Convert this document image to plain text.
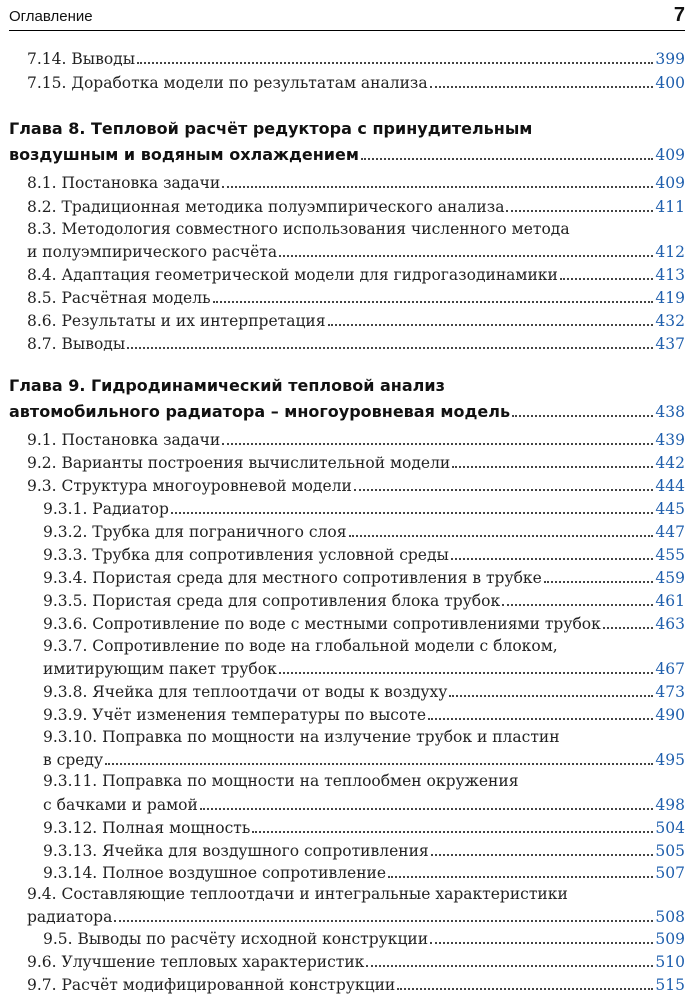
Оглавление	7
7.14. Выводы	399
7.15. Доработка модели по результатам анализа	400
Глава 8. Тепловой расчёт редуктора с принудительным
воздушным и водяным охлаждением	409
8.1. Постановка задачи	409
8.2. Традиционная методика полуэмпирического анализа	411
8.3. Методология совместного использования численного метода
и полуэмпирического расчёта	412
8.4. Адаптация геометрической модели для гидрогазодинамики	413
8.5. Расчётная модель	419
8.6. Результаты и их интерпретация	432
8.7. Выводы	437
Глава 9. Гидродинамический тепловой анализ
автомобильного радиатора – многоуровневая модель	438
9.1. Постановка задачи	439
9.2. Варианты построения вычислительной модели	442
9.3. Структура многоуровневой модели	444
9.3.1. Радиатор	445
9.3.2. Трубка для пограничного слоя	447
9.3.3. Трубка для сопротивления условной среды	455
9.3.4. Пористая среда для местного сопротивления в трубке	459
9.3.5. Пористая среда для сопротивления блока трубок	461
9.3.6. Сопротивление по воде с местными сопротивлениями трубок	463
9.3.7. Сопротивление по воде на глобальной модели с блоком,
имитирующим пакет трубок	467
9.3.8. Ячейка для теплоотдачи от воды к воздуху	473
9.3.9. Учёт изменения температуры по высоте	490
9.3.10. Поправка по мощности на излучение трубок и пластин
в среду	495
9.3.11. Поправка по мощности на теплообмен окружения
с бачками и рамой	498
9.3.12. Полная мощность	504
9.3.13. Ячейка для воздушного сопротивления	505
9.3.14. Полное воздушное сопротивление	507
9.4. Составляющие теплоотдачи и интегральные характеристики
радиатора	508
9.5. Выводы по расчёту исходной конструкции	509
9.6. Улучшение тепловых характеристик	510
9.7. Расчёт модифицированной конструкции	515
